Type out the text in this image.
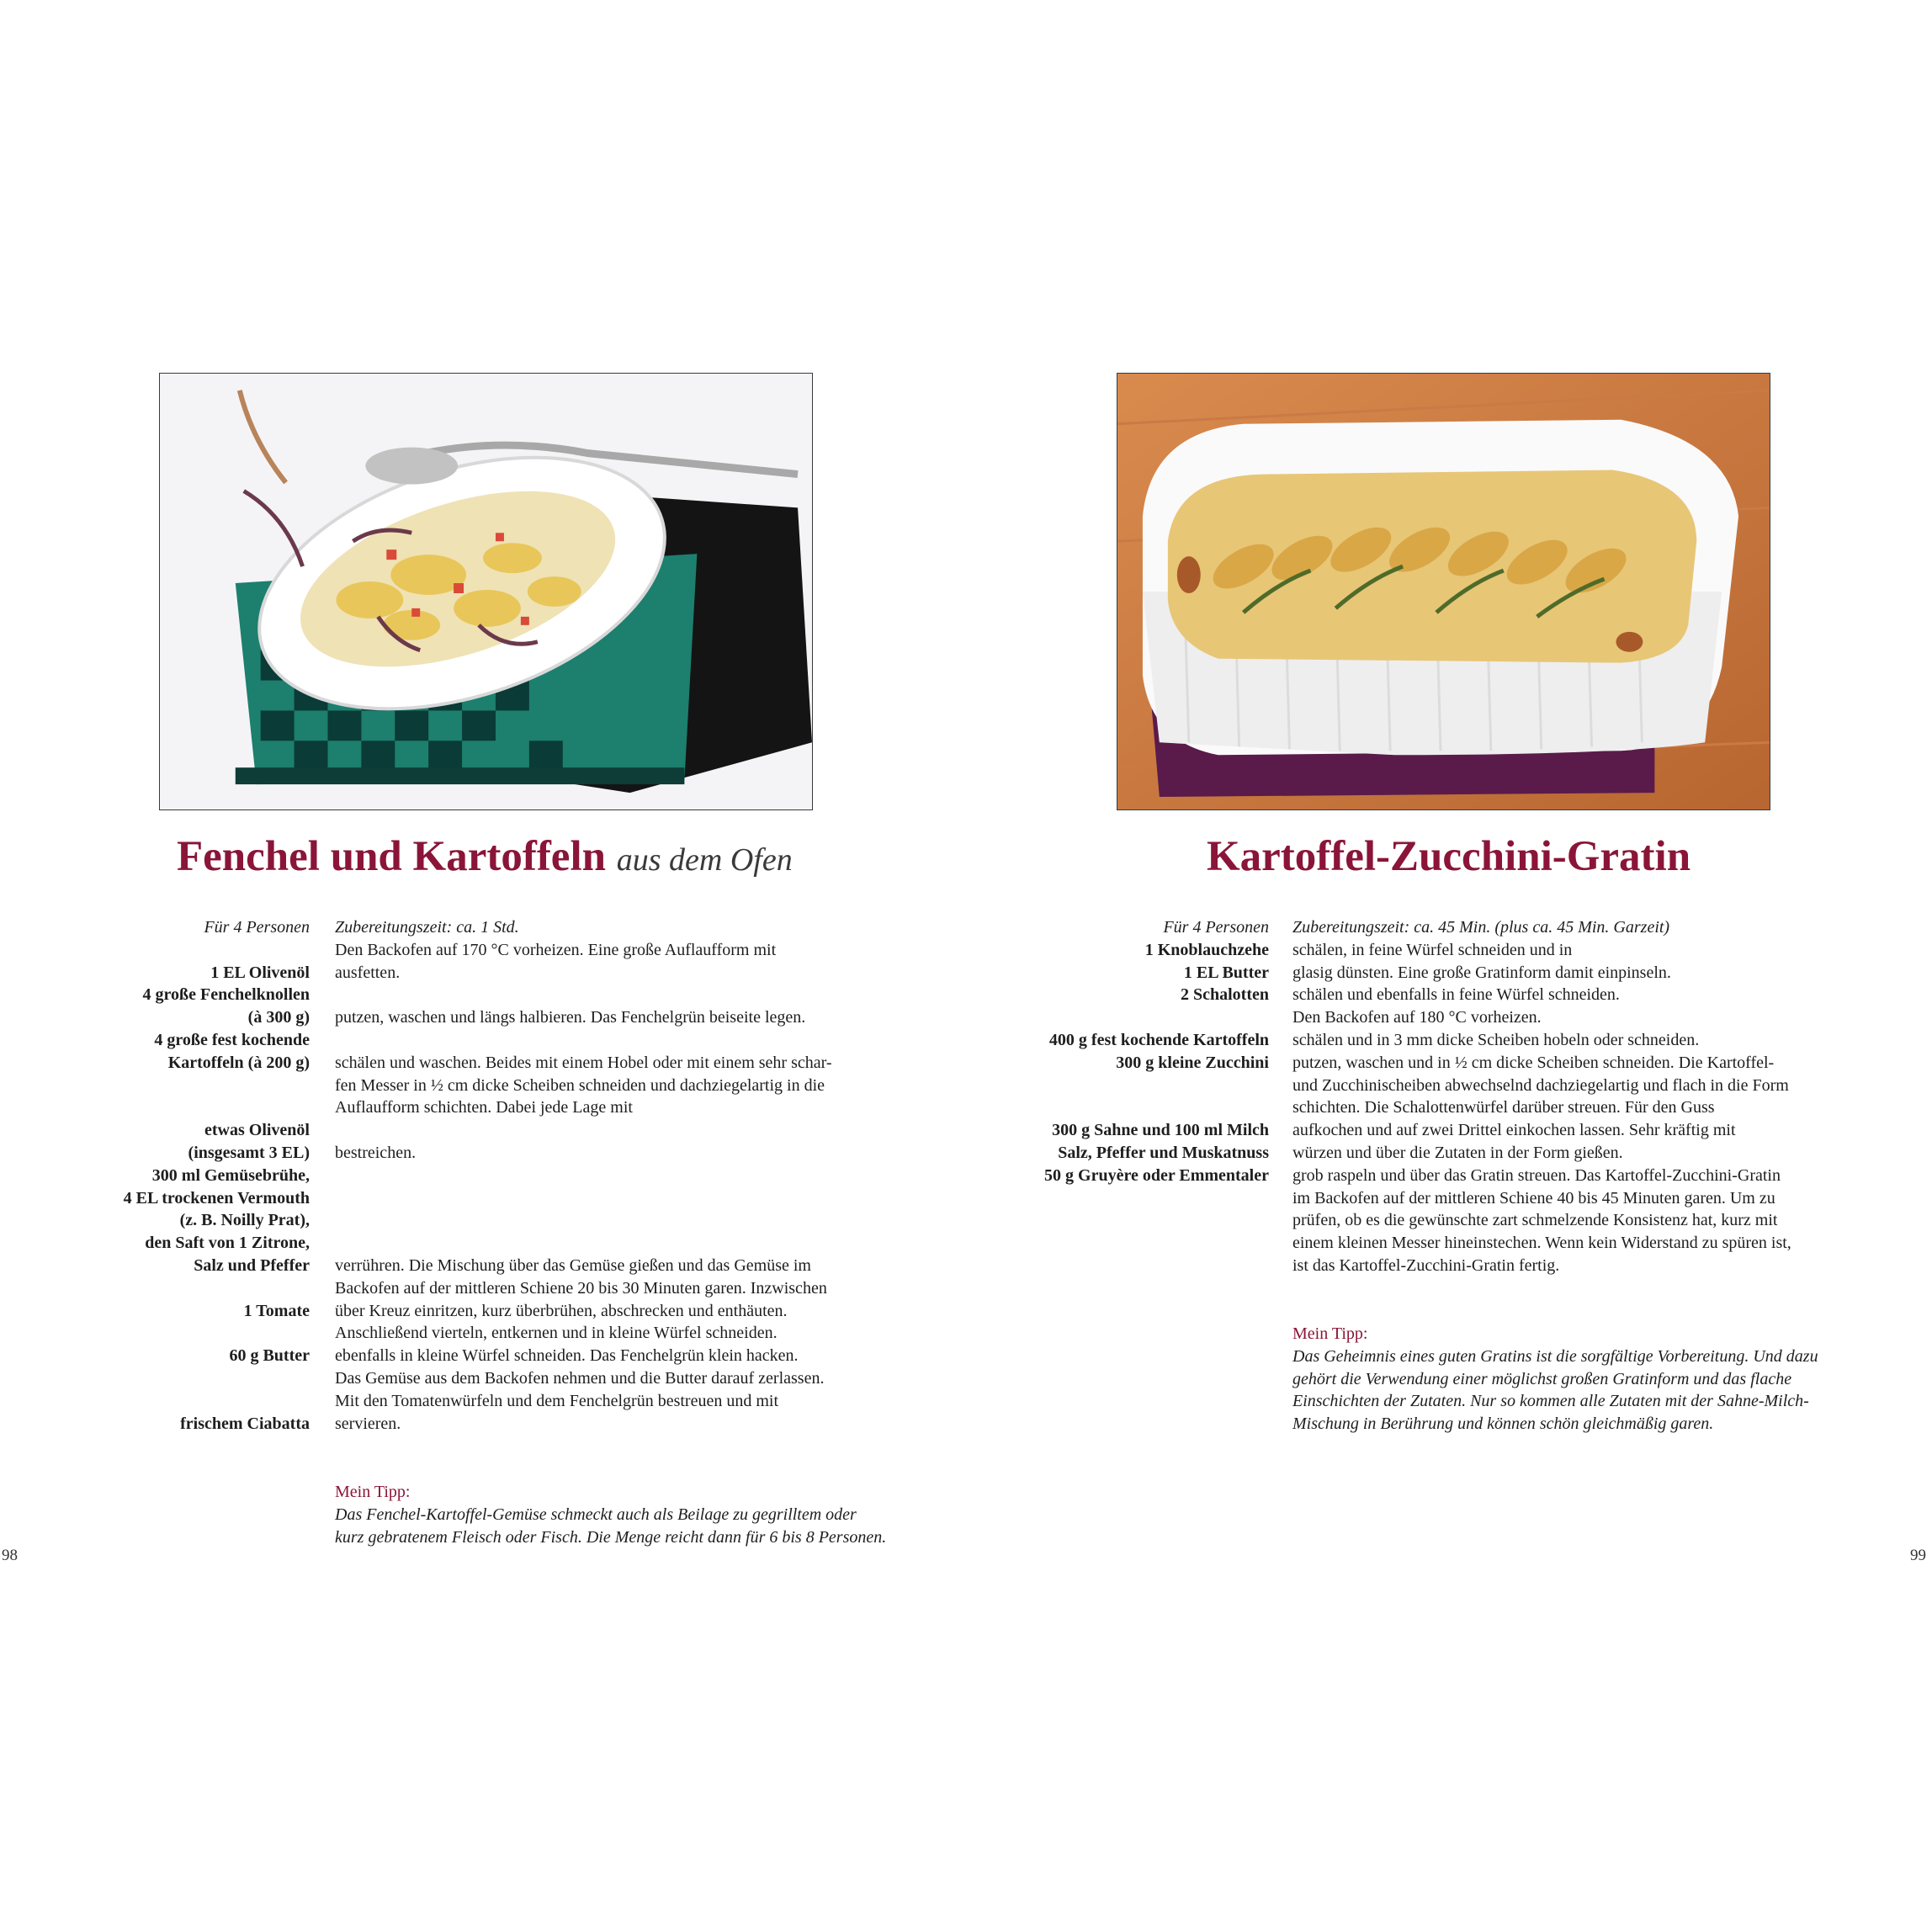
Fenchel und Kartoffeln aus dem Ofen	Kartoffel-Zucchini-Gratin
Für 4 Personen Zubereitungszeit: ca. 1 Std.

Den Backofen auf 170 °C vorheizen. Eine große Auflaufform mit
1 EL Olivenöl ausfetten.
4 große Fenchelknollen

(à 300 g) putzen, waschen und längs halbieren. Das Fenchelgrün beiseite legen.
4 große fest kochende

Kartoffeln (à 200 g) schälen und waschen. Beides mit einem Hobel oder mit einem sehr schar-

fen Messer in ½ cm dicke Scheiben schneiden und dachziegelartig in die

Auflaufform schichten. Dabei jede Lage mit
etwas Olivenöl

(insgesamt 3 EL) bestreichen.
300 ml Gemüsebrühe,

4 EL trockenen Vermouth

(z. B. Noilly Prat),

den Saft von 1 Zitrone,

Salz und Pfeffer verrühren. Die Mischung über das Gemüse gießen und das Gemüse im

Backofen auf der mittleren Schiene 20 bis 30 Minuten garen. Inzwischen
1 Tomate über Kreuz einritzen, kurz überbrühen, abschrecken und enthäuten.

Anschließend vierteln, entkernen und in kleine Würfel schneiden.
60 g Butter ebenfalls in kleine Würfel schneiden. Das Fenchelgrün klein hacken.

Das Gemüse aus dem Backofen nehmen und die Butter darauf zerlassen.

Mit den Tomatenwürfeln und dem Fenchelgrün bestreuen und mit
frischem Ciabatta servieren.
Für 4 Personen Zubereitungszeit: ca. 45 Min. (plus ca. 45 Min. Garzeit)
1 Knoblauchzehe schälen, in feine Würfel schneiden und in
1 EL Butter glasig dünsten. Eine große Gratinform damit einpinseln.
2 Schalotten schälen und ebenfalls in feine Würfel schneiden.

Den Backofen auf 180 °C vorheizen.
400 g fest kochende Kartoffeln schälen und in 3 mm dicke Scheiben hobeln oder schneiden.
300 g kleine Zucchini putzen, waschen und in ½ cm dicke Scheiben schneiden. Die Kartoffel-

und Zucchinischeiben abwechselnd dachziegelartig und flach in die Form

schichten. Die Schalottenwürfel darüber streuen. Für den Guss
300 g Sahne und 100 ml Milch aufkochen und auf zwei Drittel einkochen lassen. Sehr kräftig mit
Salz, Pfeffer und Muskatnuss würzen und über die Zutaten in der Form gießen.
50 g Gruyère oder Emmentaler grob raspeln und über das Gratin streuen. Das Kartoffel-Zucchini-Gratin

im Backofen auf der mittleren Schiene 40 bis 45 Minuten garen. Um zu

prüfen, ob es die gewünschte zart schmelzende Konsistenz hat, kurz mit

einem kleinen Messer hineinstechen. Wenn kein Widerstand zu spüren ist,

ist das Kartoffel-Zucchini-Gratin fertig.
Mein Tipp:
Das Fenchel-Kartoffel-Gemüse schmeckt auch als Beilage zu gegrilltem oder
kurz gebratenem Fleisch oder Fisch. Die Menge reicht dann für 6 bis 8 Personen.
Mein Tipp:
Das Geheimnis eines guten Gratins ist die sorgfältige Vorbereitung. Und dazu
gehört die Verwendung einer möglichst großen Gratinform und das flache
Einschichten der Zutaten. Nur so kommen alle Zutaten mit der Sahne-Milch-
Mischung in Berührung und können schön gleichmäßig garen.
98	99
